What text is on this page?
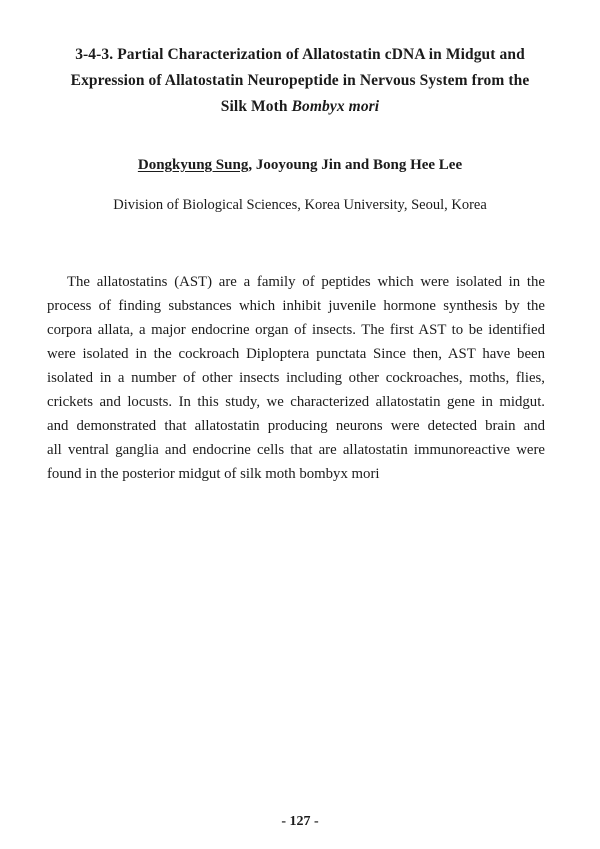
3-4-3. Partial Characterization of Allatostatin cDNA in Midgut and
Expression of Allatostatin Neuropeptide in Nervous System from the
Silk Moth Bombyx mori
Dongkyung Sung, Jooyoung Jin and Bong Hee Lee
Division of Biological Sciences, Korea University, Seoul, Korea
The allatostatins (AST) are a family of peptides which were isolated in the
process of finding substances which inhibit juvenile hormone synthesis by the
corpora allata, a major endocrine organ of insects. The first AST to be identified
were isolated in the cockroach Diploptera punctata Since then, AST have been
isolated in a number of other insects including other cockroaches, moths, flies,
crickets and locusts. In this study, we characterized allatostatin gene in midgut.
and demonstrated that allatostatin producing neurons were detected brain and
all ventral ganglia and endocrine cells that are allatostatin immunoreactive were
found in the posterior midgut of silk moth bombyx mori
- 127 -
